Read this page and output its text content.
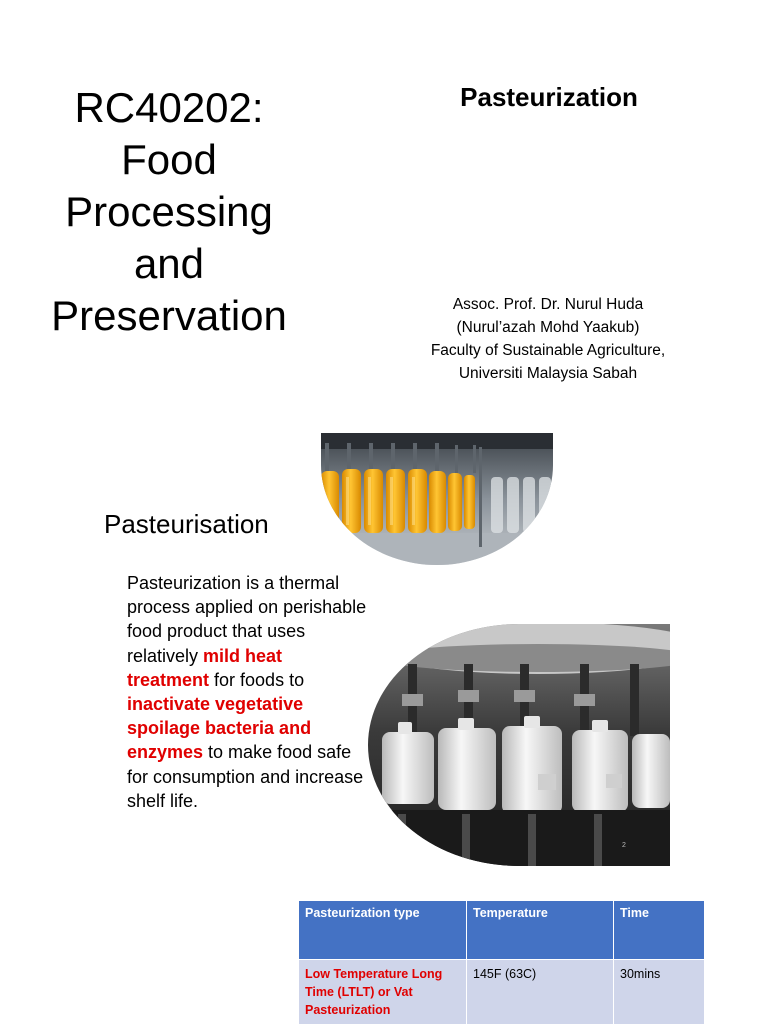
RC40202:
Food
Processing
and
Preservation
Pasteurization
Assoc. Prof. Dr. Nurul Huda
(Nurul’azah Mohd Yaakub)
Faculty of Sustainable Agriculture,
Universiti Malaysia Sabah
Pasteurisation

Pasteurization is a thermal process applied on perishable food product that uses relatively mild heat treatment for foods to inactivate vegetative spoilage bacteria and enzymes to make food safe for consumption and increase shelf life.

2
Pasteurization type	Temperature	Time
Low Temperature Long Time (LTLT) or Vat Pasteurization	145F (63C)	30mins
